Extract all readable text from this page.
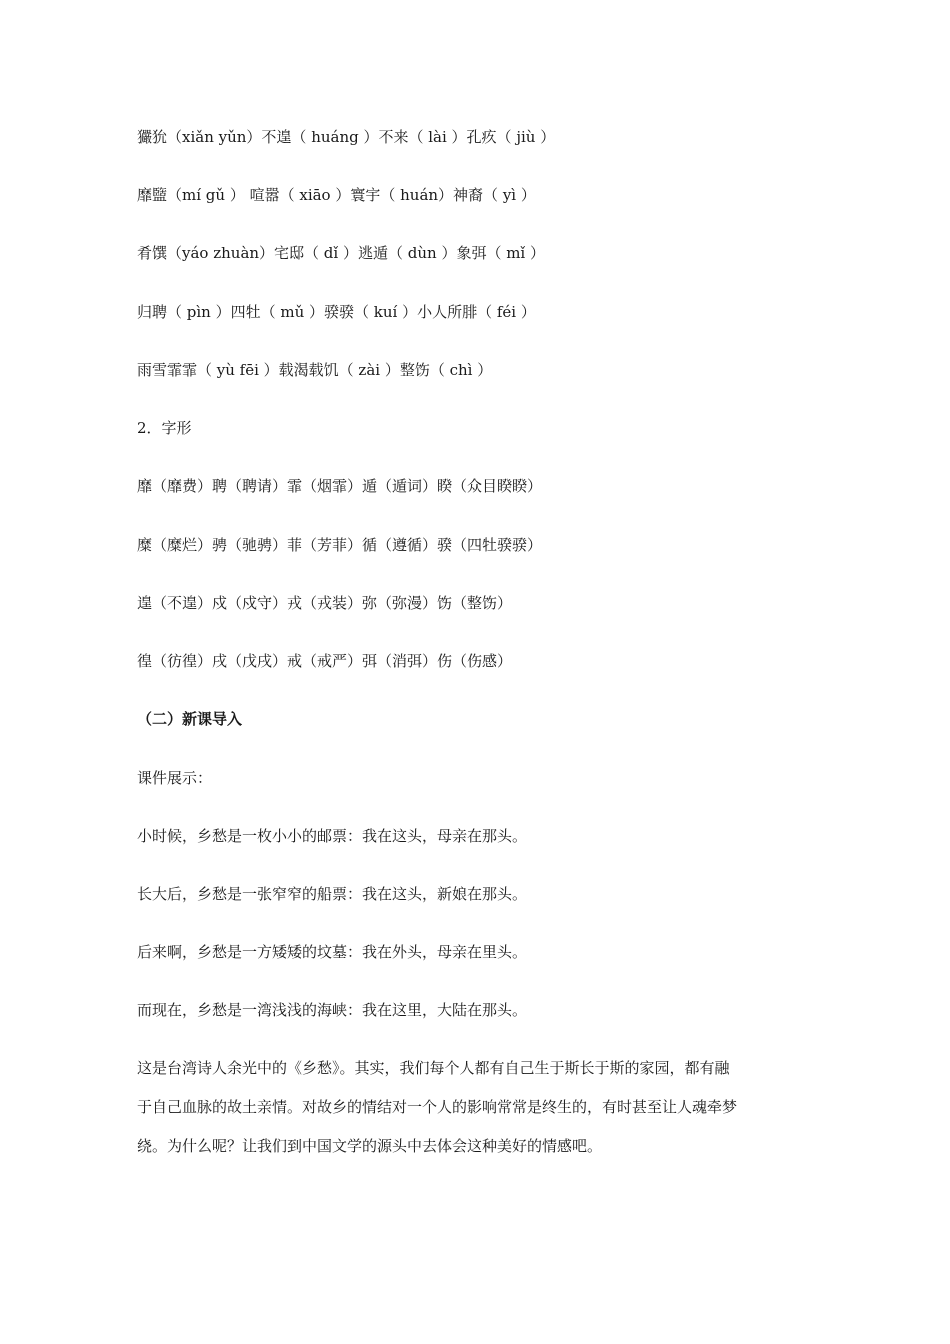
玁狁（xiǎn yǔn）不遑（ huáng ）不来（ lài ）孔疚（ jiù ）
靡盬（mí gǔ ） 喧嚣（ xiāo ）寰宇（ huán）神裔（ yì ）
肴馔（yáo zhuàn）宅邸（ dǐ ）逃遁（ dùn ）象弭（ mǐ ）
归聘（ pìn ）四牡（ mǔ ）骙骙（ kuí ）小人所腓（ féi ）
雨雪霏霏（ yù fēi ）载渴载饥（ zài ）整饬（ chì ）
2．字形
靡（靡费）聘（聘请）霏（烟霏）遁（遁词）睽（众目睽睽）
糜（糜烂）骋（驰骋）菲（芳菲）循（遵循）骙（四牡骙骙）
遑（不遑）戍（戍守）戎（戎装）弥（弥漫）饬（整饬）
徨（彷徨）戌（戊戌）戒（戒严）弭（消弭）伤（伤感）
（二）新课导入
课件展示：
小时候，乡愁是一枚小小的邮票：我在这头，母亲在那头。
长大后，乡愁是一张窄窄的船票：我在这头，新娘在那头。
后来啊，乡愁是一方矮矮的坟墓：我在外头，母亲在里头。
而现在，乡愁是一湾浅浅的海峡：我在这里，大陆在那头。
这是台湾诗人余光中的《乡愁》。其实，我们每个人都有自己生于斯长于斯的家园，都有融
于自己血脉的故土亲情。对故乡的情结对一个人的影响常常是终生的，有时甚至让人魂牵梦
绕。为什么呢？让我们到中国文学的源头中去体会这种美好的情感吧。
